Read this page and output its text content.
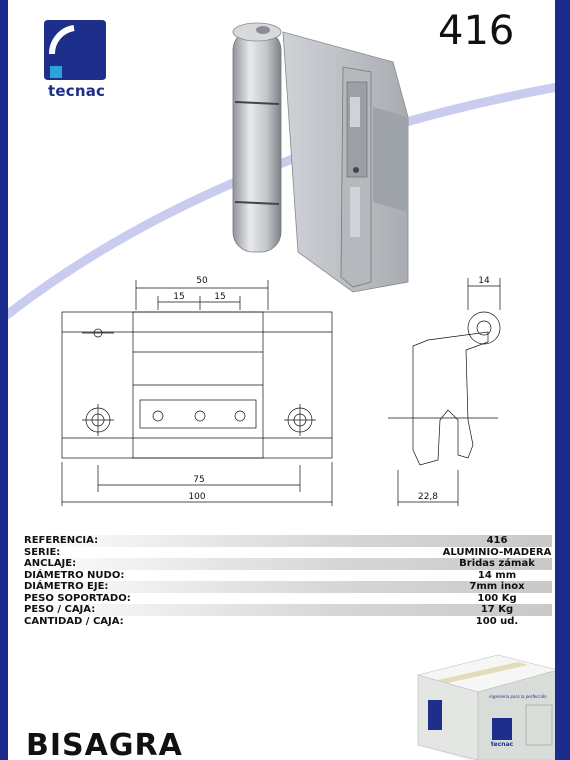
tecnac
416
50
15	15
75
100
14
22,8
REFERENCIA:	416
SERIE:	ALUMINIO-MADERA
ANCLAJE:	Bridas zámak
DIÁMETRO NUDO:	14 mm
DIÁMETRO EJE:	7mm inox
PESO SOPORTADO:	100 Kg
PESO / CAJA:	17 Kg
CANTIDAD / CAJA:	100 ud.
tecnac
ingeniería para la perfección
BISAGRA
